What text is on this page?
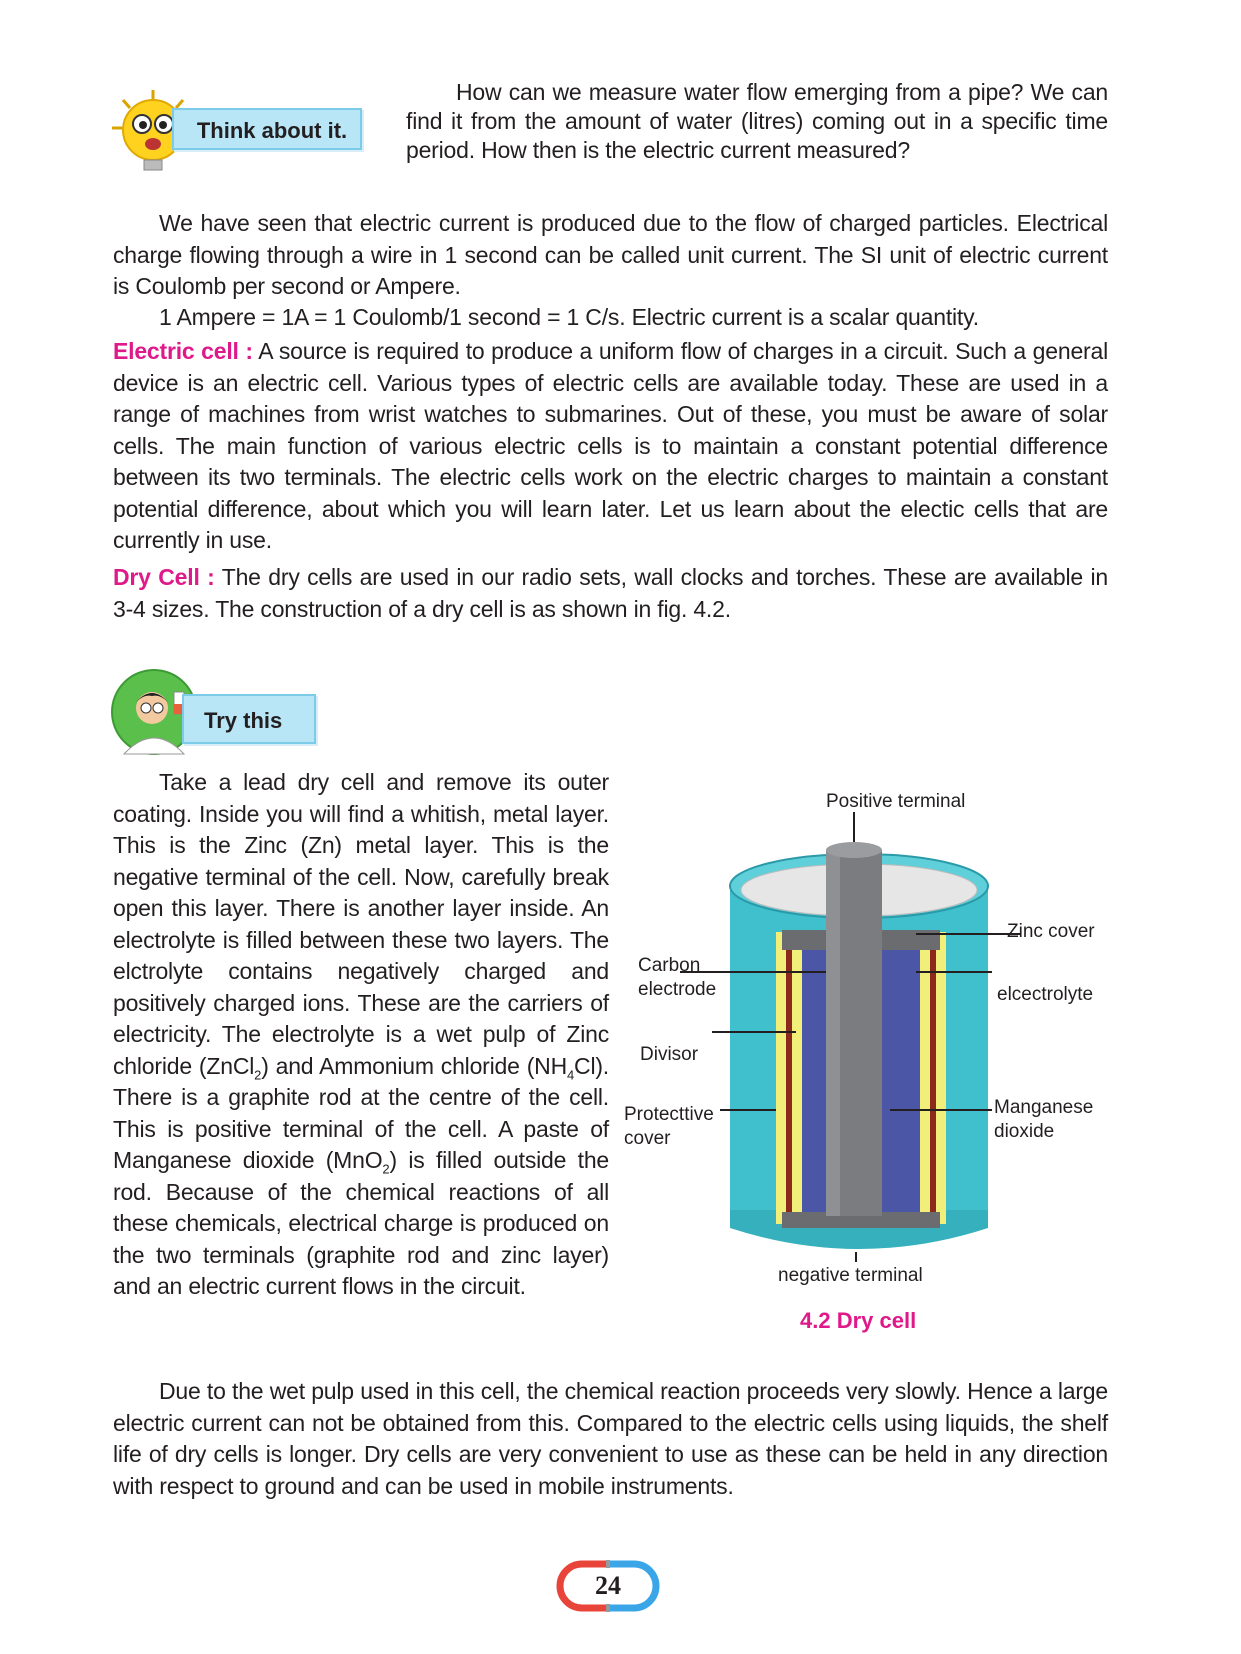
Think about it.
How can we measure water flow emerging from a pipe? We can find it from the amount of water (litres) coming out in a specific time period. How then is the electric current measured?
We have seen that electric current is produced due to the flow of charged particles. Electrical charge flowing through a wire in 1 second can be called unit current. The SI unit of electric current is Coulomb per second or Ampere.
1 Ampere = 1A = 1 Coulomb/1 second = 1 C/s. Electric current is a scalar quantity.
Electric cell : A source is required to produce a uniform flow of charges in a circuit. Such a general device is an electric cell. Various types of electric cells are available today. These are used in a range of machines from wrist watches to submarines. Out of these, you must be aware of solar cells. The main function of various electric cells is to maintain a constant potential difference between its two terminals. The electric cells work on the electric charges to maintain a constant potential difference, about which you will learn later. Let us learn about the electic cells that are currently in use.
Dry Cell : The dry cells are used in our radio sets, wall clocks and torches. These are available in 3-4 sizes. The construction of a dry cell is as shown in fig. 4.2.
Try this
Take a lead dry cell and remove its outer coating. Inside you will find a whitish, metal layer. This is the Zinc (Zn) metal layer. This is the negative terminal of the cell. Now, carefully break open this layer. There is another layer inside. An electrolyte is filled between these two layers. The elctrolyte contains negatively charged and positively charged ions. These are the carriers of electricity. The electrolyte is a wet pulp of Zinc chloride (ZnCl$_2$) and Ammonium chloride $(NH_4Cl)$. There is a graphite rod at the centre of the cell. This is positive terminal of the cell. A paste of Manganese dioxide (MnO$_2$) is filled outside the rod. Because of the chemical reactions of all these chemicals, electrical charge is produced on the two terminals (graphite rod and zinc layer) and an electric current flows in the circuit.
Positive terminal
Zinc cover
Carbon
electrode	elcectrolyte
Divisor
Protecttive
cover
Manganese
dioxide
negative terminal
4.2 Dry cell
Due to the wet pulp used in this cell, the chemical reaction proceeds very slowly. Hence a large electric current can not be obtained from this. Compared to the electric cells using liquids, the shelf life of dry cells is longer. Dry cells are very convenient to use as these can be held in any direction with respect to ground and can be used in mobile instruments.
24
